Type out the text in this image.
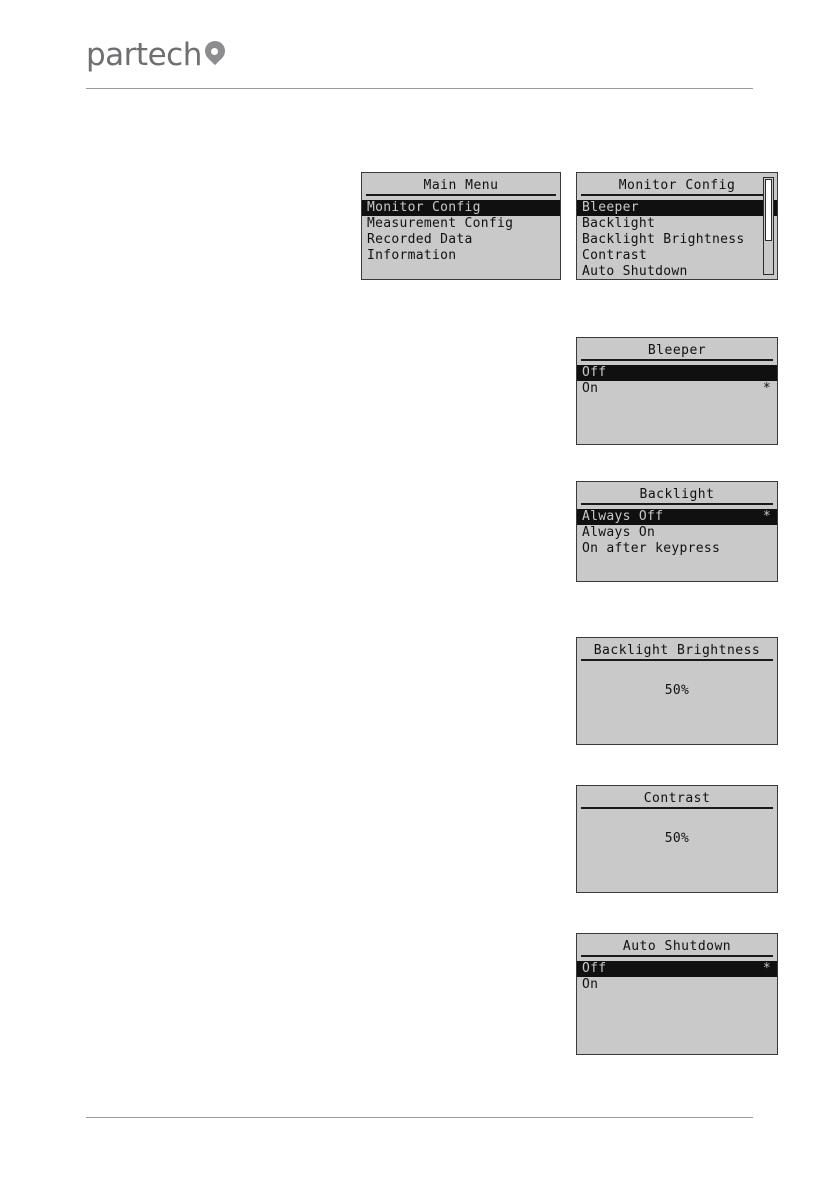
partech
Main Menu
Monitor Config
Measurement Config
Recorded Data
Information
Monitor Config
Bleeper
Backlight
Backlight Brightness
Contrast
Auto Shutdown
Bleeper
Off
On	*
Backlight
Always Off	*
Always On
On after keypress
Backlight Brightness
50%
Contrast
50%
Auto Shutdown
Off	*
On
